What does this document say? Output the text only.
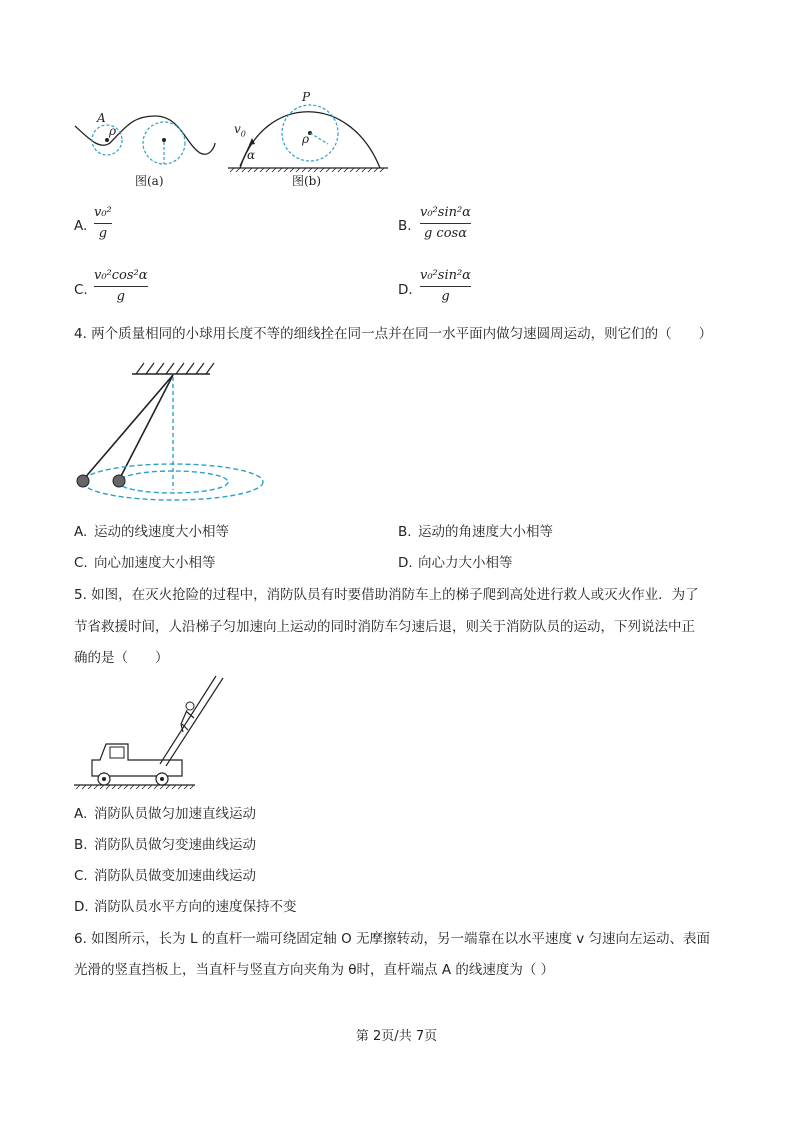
A
ρ
图(a)
P
$v_0$
α
ρ
图(b)
A.
v₀²
g	B.
v₀²sin²α
g cosα
C.
v₀²cos²α
g	D.
v₀²sin²α
g
4. 两个质量相同的小球用长度不等的细线拴在同一点并在同一水平面内做匀速圆周运动，则它们的（　　）
A. 运动的线速度大小相等	B. 运动的角速度大小相等
C. 向心加速度大小相等	D. 向心力大小相等
5. 如图，在灭火抢险的过程中，消防队员有时要借助消防车上的梯子爬到高处进行救人或灭火作业．为了
节省救援时间，人沿梯子匀加速向上运动的同时消防车匀速后退，则关于消防队员的运动，下列说法中正
确的是（　　）
A. 消防队员做匀加速直线运动
B. 消防队员做匀变速曲线运动
C. 消防队员做变加速曲线运动
D. 消防队员水平方向的速度保持不变
6. 如图所示，长为 L 的直杆一端可绕固定轴 O 无摩擦转动，另一端靠在以水平速度 v 匀速向左运动、表面
光滑的竖直挡板上，当直杆与竖直方向夹角为 θ时，直杆端点 A 的线速度为（ ）
第 2页/共 7页
